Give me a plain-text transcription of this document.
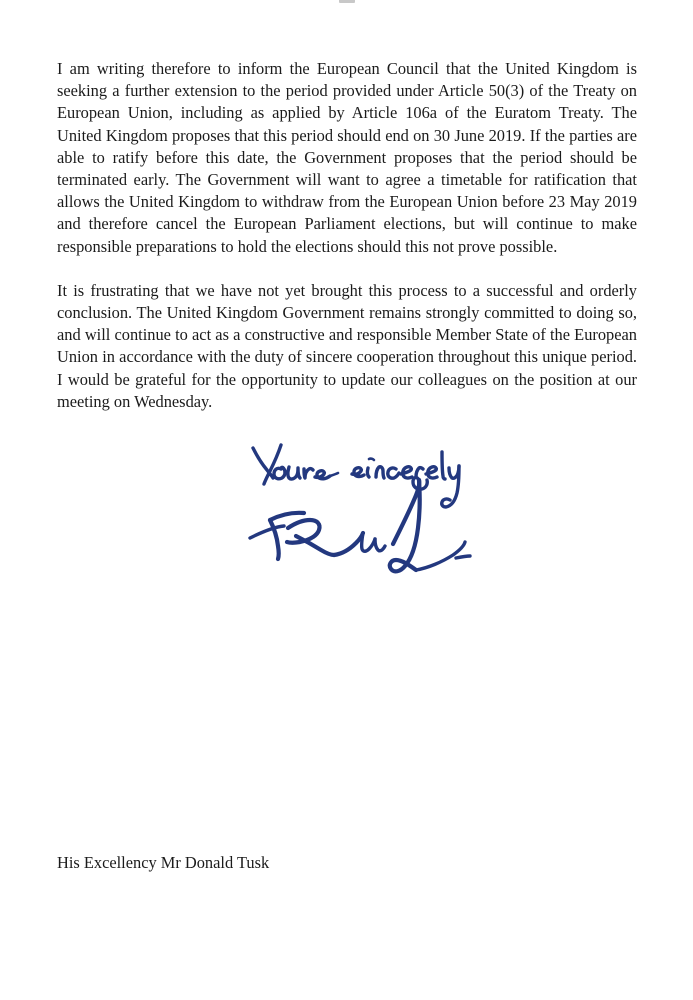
I am writing therefore to inform the European Council that the United Kingdom is seeking a further extension to the period provided under Article 50(3) of the Treaty on European Union, including as applied by Article 106a of the Euratom Treaty. The United Kingdom proposes that this period should end on 30 June 2019. If the parties are able to ratify before this date, the Government proposes that the period should be terminated early. The Government will want to agree a timetable for ratification that allows the United Kingdom to withdraw from the European Union before 23 May 2019 and therefore cancel the European Parliament elections, but will continue to make responsible preparations to hold the elections should this not prove possible.

It is frustrating that we have not yet brought this process to a successful and orderly conclusion. The United Kingdom Government remains strongly committed to doing so, and will continue to act as a constructive and responsible Member State of the European Union in accordance with the duty of sincere cooperation throughout this unique period. I would be grateful for the opportunity to update our colleagues on the position at our meeting on Wednesday.

His Excellency Mr Donald Tusk
